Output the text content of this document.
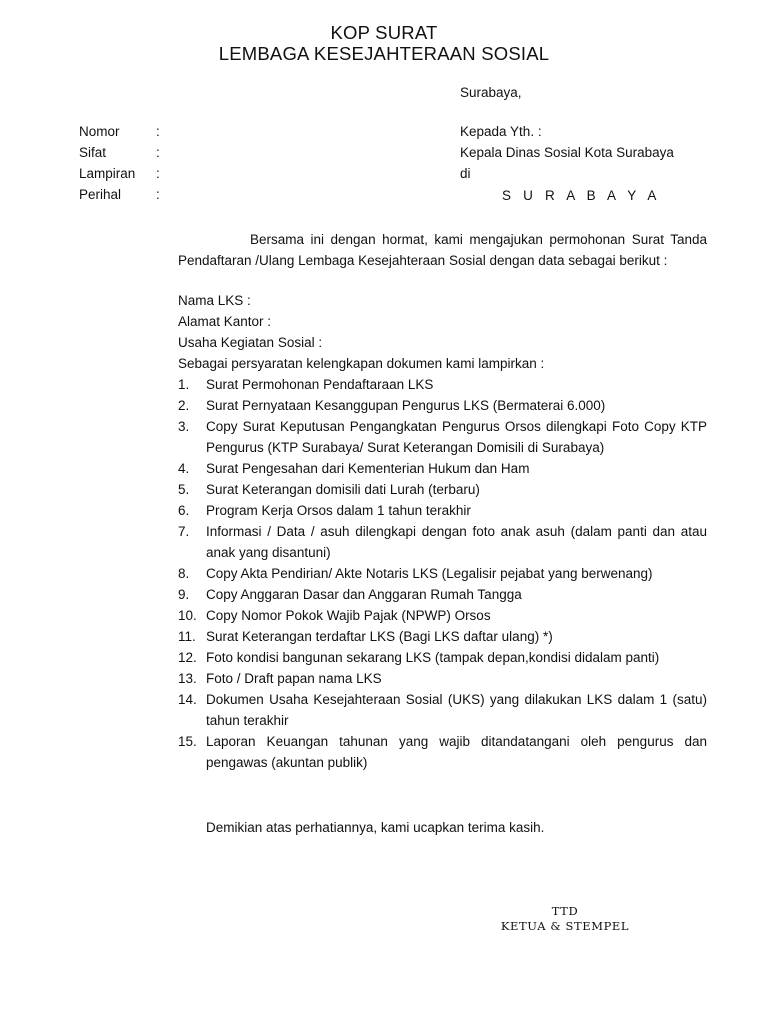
KOP SURAT
LEMBAGA KESEJAHTERAAN SOSIAL
Surabaya,
Nomor	:
Sifat	:
Lampiran :
Perihal	:
Kepada Yth. :
Kepala Dinas Sosial Kota Surabaya
di
S U R A B A Y A
Bersama ini dengan hormat, kami mengajukan permohonan Surat Tanda Pendaftaran /Ulang Lembaga Kesejahteraan Sosial dengan data sebagai berikut :
Nama LKS :
Alamat Kantor :
Usaha Kegiatan Sosial :
Sebagai persyaratan kelengkapan dokumen kami lampirkan :
1. Surat Permohonan Pendaftaraan LKS
2. Surat Pernyataan Kesanggupan Pengurus LKS (Bermaterai 6.000)
3. Copy Surat Keputusan Pengangkatan Pengurus Orsos dilengkapi Foto Copy KTP Pengurus (KTP Surabaya/ Surat Keterangan Domisili di Surabaya)
4. Surat Pengesahan dari Kementerian Hukum dan Ham
5. Surat Keterangan domisili dati Lurah (terbaru)
6. Program Kerja Orsos dalam 1 tahun terakhir
7. Informasi / Data / asuh dilengkapi dengan foto anak asuh (dalam panti dan atau anak yang disantuni)
8. Copy Akta Pendirian/ Akte Notaris LKS (Legalisir pejabat yang berwenang)
9. Copy Anggaran Dasar dan Anggaran Rumah Tangga
10. Copy Nomor Pokok Wajib Pajak (NPWP) Orsos
11. Surat Keterangan terdaftar LKS (Bagi LKS daftar ulang) *)
12. Foto kondisi bangunan sekarang LKS (tampak depan,kondisi didalam panti)
13. Foto / Draft papan nama LKS
14. Dokumen Usaha Kesejahteraan Sosial (UKS) yang dilakukan LKS dalam 1 (satu) tahun terakhir
15. Laporan Keuangan tahunan yang wajib ditandatangani oleh pengurus dan pengawas (akuntan publik)
Demikian atas perhatiannya, kami ucapkan terima kasih.
TTD
KETUA & STEMPEL
